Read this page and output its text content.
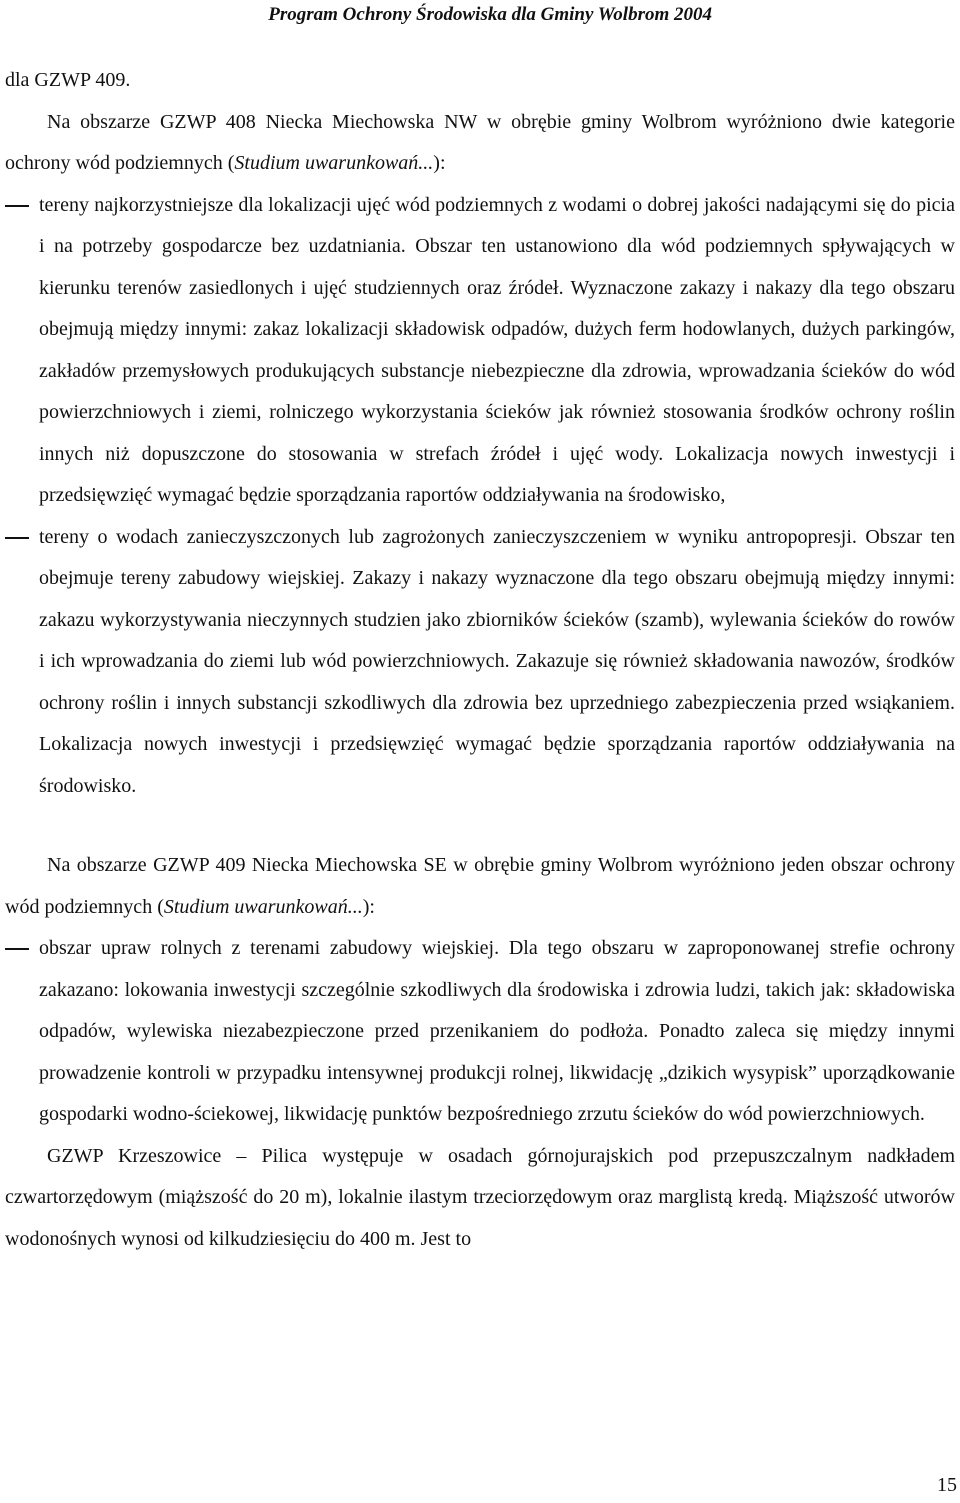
Program Ochrony Środowiska dla Gminy Wolbrom 2004

dla GZWP 409.

Na obszarze GZWP 408 Niecka Miechowska NW w obrębie gminy Wolbrom wyróżniono dwie kategorie ochrony wód podziemnych (Studium uwarunkowań...):

tereny najkorzystniejsze dla lokalizacji ujęć wód podziemnych z wodami o dobrej jakości nadającymi się do picia i na potrzeby gospodarcze bez uzdatniania. Obszar ten ustanowiono dla wód podziemnych spływających w kierunku terenów zasiedlonych i ujęć studziennych oraz źródeł. Wyznaczone zakazy i nakazy dla tego obszaru obejmują między innymi: zakaz lokalizacji składowisk odpadów, dużych ferm hodowlanych, dużych parkingów, zakładów przemysłowych produkujących substancje niebezpieczne dla zdrowia, wprowadzania ścieków do wód powierzchniowych i ziemi, rolniczego wykorzystania ścieków jak również stosowania środków ochrony roślin innych niż dopuszczone do stosowania w strefach źródeł i ujęć wody. Lokalizacja nowych inwestycji i przedsięwzięć wymagać będzie sporządzania raportów oddziaływania na środowisko,
tereny o wodach zanieczyszczonych lub zagrożonych zanieczyszczeniem w wyniku antropopresji. Obszar ten obejmuje tereny zabudowy wiejskiej. Zakazy i nakazy wyznaczone dla tego obszaru obejmują między innymi: zakazu wykorzystywania nieczynnych studzien jako zbiorników ścieków (szamb), wylewania ścieków do rowów i ich wprowadzania do ziemi lub wód powierzchniowych. Zakazuje się również składowania nawozów, środków ochrony roślin i innych substancji szkodliwych dla zdrowia bez uprzedniego zabezpieczenia przed wsiąkaniem. Lokalizacja nowych inwestycji i przedsięwzięć wymagać będzie sporządzania raportów oddziaływania na środowisko.

Na obszarze GZWP 409 Niecka Miechowska SE w obrębie gminy Wolbrom wyróżniono jeden obszar ochrony wód podziemnych (Studium uwarunkowań...):

obszar upraw rolnych z terenami zabudowy wiejskiej. Dla tego obszaru w zaproponowanej strefie ochrony zakazano: lokowania inwestycji szczególnie szkodliwych dla środowiska i zdrowia ludzi, takich jak: składowiska odpadów, wylewiska niezabezpieczone przed przenikaniem do podłoża. Ponadto zaleca się między innymi prowadzenie kontroli w przypadku intensywnej produkcji rolnej, likwidację „dzikich wysypisk” uporządkowanie gospodarki wodno-ściekowej, likwidację punktów bezpośredniego zrzutu ścieków do wód powierzchniowych.

GZWP Krzeszowice – Pilica występuje w osadach górnojurajskich pod przepuszczalnym nadkładem czwartorzędowym (miąższość do 20 m), lokalnie ilastym trzeciorzędowym oraz marglistą kredą. Miąższość utworów wodonośnych wynosi od kilkudziesięciu do 400 m. Jest to

15
